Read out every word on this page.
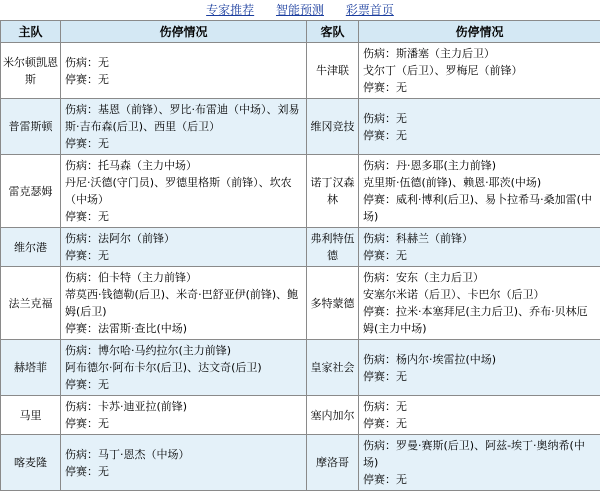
专家推荐 智能预测 彩票首页
主队	伤停情况	客队	伤停情况
米尔顿凯恩斯	伤病：无
停赛：无	牛津联	伤病：斯潘塞（主力后卫）
戈尔丁（后卫）、罗梅尼（前锋）
停赛：无

普雷斯顿	伤病：基恩（前锋）、罗比·布雷迪（中场）、刘易斯·吉布森(后卫)、西里（后卫）
停赛：无	维冈竞技	伤病：无
停赛：无

雷克瑟姆	伤病：托马森（主力中场）
丹尼·沃德(守门员)、罗德里格斯（前锋）、坎农（中场）
停赛：无	诺丁汉森林	伤病：丹·恩多耶(主力前锋)
克里斯·伍德(前锋)、赖恩·耶茨(中场)
停赛：威利·博利(后卫)、易卜拉希马·桑加雷(中场)

维尔港	伤病：法阿尔（前锋）
停赛：无	弗利特伍德	伤病：科赫兰（前锋）
停赛：无

法兰克福	伤病：伯卡特（主力前锋）
蒂莫西·钱德勒(后卫)、米奇·巴舒亚伊(前锋)、鲍姆(后卫)
停赛：法雷斯·查比(中场)	多特蒙德	伤病：安东（主力后卫）
安塞尔米诺（后卫）、卡巴尔（后卫）
停赛：拉米·本塞拜尼(主力后卫)、乔布·贝林厄姆(主力中场)

赫塔菲	伤病：博尔哈·马约拉尔(主力前锋)
阿布德尔·阿布卡尔(后卫)、达文奇(后卫)
停赛：无	皇家社会	伤病：杨内尔·埃雷拉(中场)
停赛：无

马里	伤病：卡苏·迪亚拉(前锋)
停赛：无	塞内加尔	伤病：无
停赛：无

喀麦隆	伤病：马丁·恩杰（中场）
停赛：无	摩洛哥	伤病：罗曼·赛斯(后卫)、阿兹-埃丁·奥纳希(中场)
停赛：无
